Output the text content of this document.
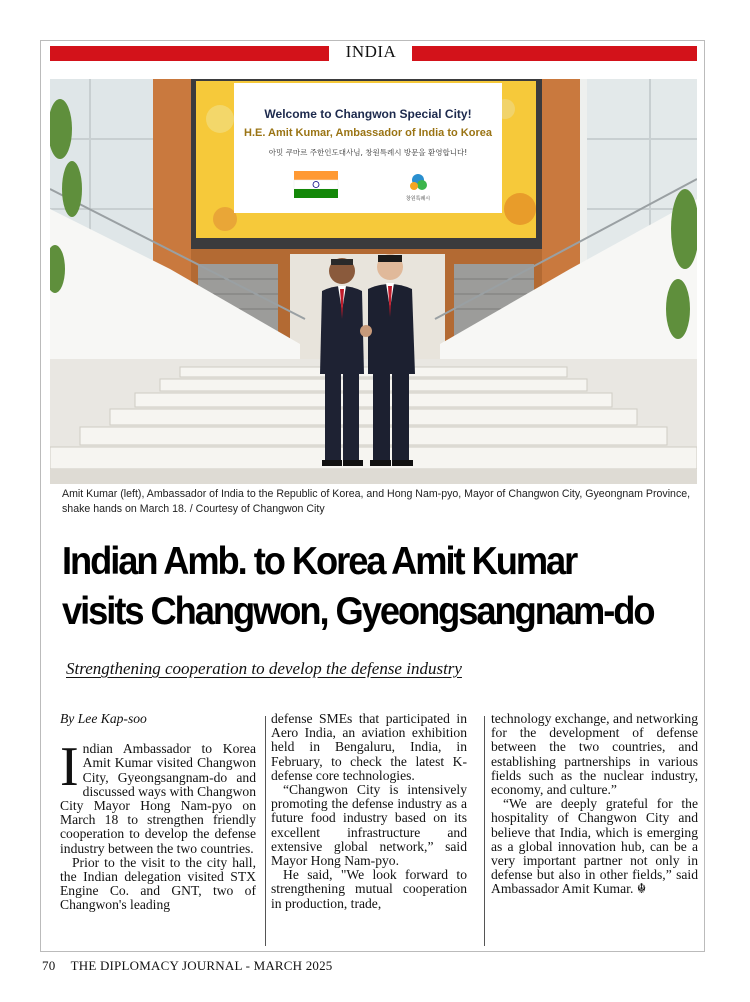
INDIA
Welcome to Changwon Special City!
H.E. Amit Kumar, Ambassador of India to Korea
아밋 쿠마르 주한인도대사님, 창원특례시 방문을 환영합니다!
창원특례시
Amit Kumar (left), Ambassador of India to the Republic of Korea, and Hong Nam-pyo, Mayor of Changwon City, Gyeongnam Province, shake hands on March 18. / Courtesy of Changwon City
Indian Amb. to Korea Amit Kumar
visits Changwon, Gyeongsangnam-do
Strengthening cooperation to develop the defense industry

By Lee Kap-soo

Indian Ambassador to Korea Amit Kumar visited Changwon City, Gyeongsangnam-do and discussed ways with Changwon City Mayor Hong Nam-pyo on March 18 to strengthen friendly cooperation to develop the defense industry between the two countries.

Prior to the visit to the city hall, the Indian delegation visited STX Engine Co. and GNT, two of Changwon's leading

defense SMEs that participated in Aero India, an aviation exhibition held in Bengaluru, India, in February, to check the latest K-defense core technologies.

“Changwon City is intensively promoting the defense industry as a future food industry based on its excellent infrastructure and extensive global network,” said Mayor Hong Nam-pyo.

He said, "We look forward to strengthening mutual cooperation in production, trade,

technology exchange, and networking for the development of defense between the two countries, and establishing partnerships in various fields such as the nuclear industry, economy, and culture.”

“We are deeply grateful for the hospitality of Changwon City and believe that India, which is emerging as a global innovation hub, can be a very important partner not only in defense but also in other fields,” said Ambassador Amit Kumar. ☬

70 THE DIPLOMACY JOURNAL - MARCH 2025
